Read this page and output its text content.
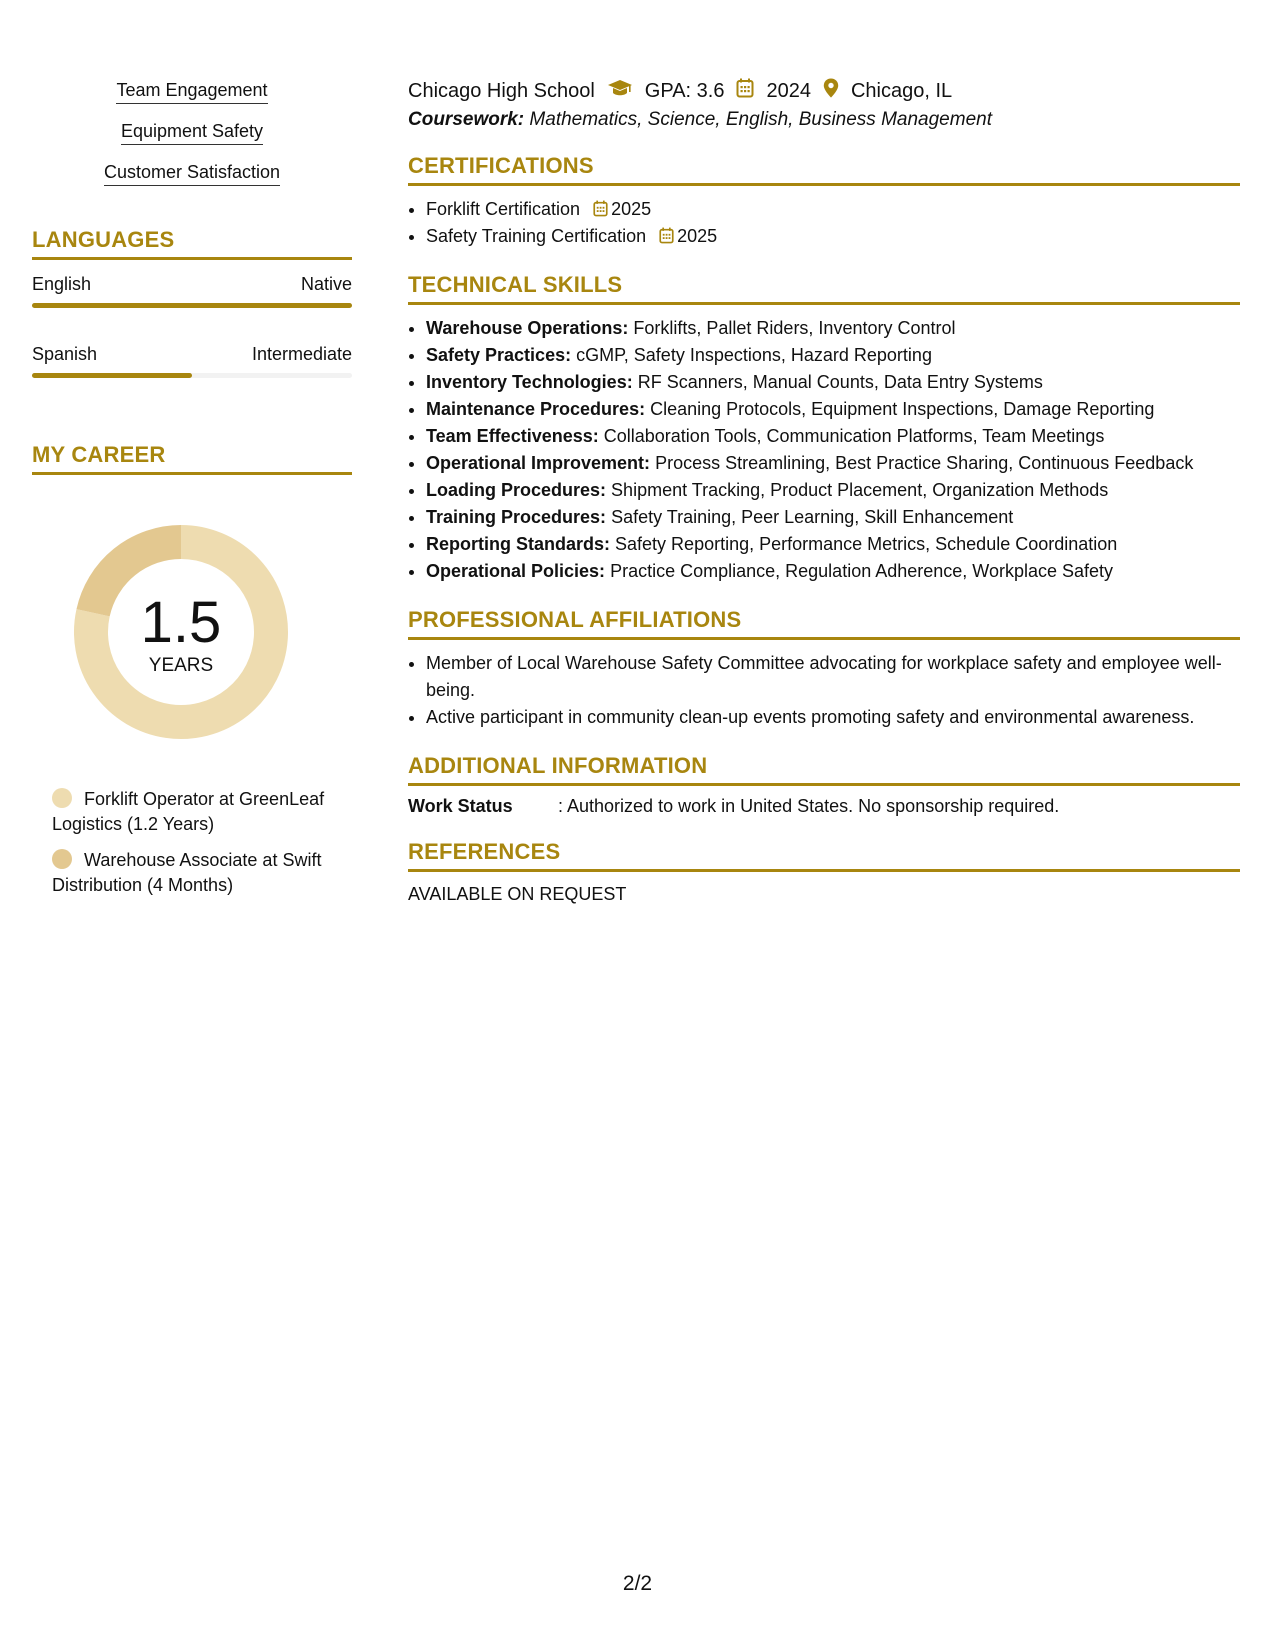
Team Engagement
Equipment Safety
Customer Satisfaction
LANGUAGES
English	Native
Spanish	Intermediate
MY CAREER
1.5
YEARS
Forklift Operator at GreenLeaf Logistics (1.2 Years)
Warehouse Associate at Swift Distribution (4 Months)
Chicago High School	GPA: 3.6 2024 Chicago, IL
Coursework: Mathematics, Science, English, Business Management
CERTIFICATIONS
• Forklift Certification 2025
• Safety Training Certification 2025
TECHNICAL SKILLS
• Warehouse Operations: Forklifts, Pallet Riders, Inventory Control
• Safety Practices: cGMP, Safety Inspections, Hazard Reporting
• Inventory Technologies: RF Scanners, Manual Counts, Data Entry Systems
• Maintenance Procedures: Cleaning Protocols, Equipment Inspections, Damage Reporting
• Team Effectiveness: Collaboration Tools, Communication Platforms, Team Meetings
• Operational Improvement: Process Streamlining, Best Practice Sharing, Continuous Feedback
• Loading Procedures: Shipment Tracking, Product Placement, Organization Methods
• Training Procedures: Safety Training, Peer Learning, Skill Enhancement
• Reporting Standards: Safety Reporting, Performance Metrics, Schedule Coordination
• Operational Policies: Practice Compliance, Regulation Adherence, Workplace Safety
PROFESSIONAL AFFILIATIONS
• Member of Local Warehouse Safety Committee advocating for workplace safety and employee well-being.
• Active participant in community clean-up events promoting safety and environmental awareness.
ADDITIONAL INFORMATION
Work Status	: Authorized to work in United States. No sponsorship required.
REFERENCES
AVAILABLE ON REQUEST
2/2
